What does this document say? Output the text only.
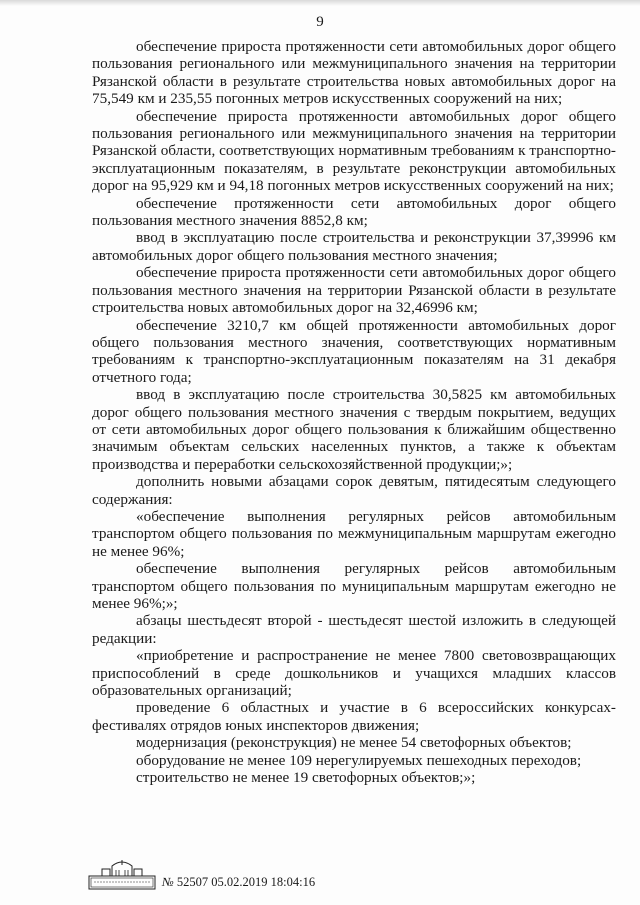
9

обеспечение прироста протяженности сети автомобильных дорог общего пользования регионального или межмуниципального значения на территории Рязанской области в результате строительства новых автомобильных дорог на 75,549 км и 235,55 погонных метров искусственных сооружений на них;

обеспечение прироста протяженности автомобильных дорог общего пользования регионального или межмуниципального значения на территории Рязанской области, соответствующих нормативным требованиям к транспортно-эксплуатационным показателям, в результате реконструкции автомобильных дорог на 95,929 км и 94,18 погонных метров искусственных сооружений на них;

обеспечение протяженности сети автомобильных дорог общего пользования местного значения 8852,8 км;

ввод в эксплуатацию после строительства и реконструкции 37,39996 км автомобильных дорог общего пользования местного значения;

обеспечение прироста протяженности сети автомобильных дорог общего пользования местного значения на территории Рязанской области в результате строительства новых автомобильных дорог на 32,46996 км;

обеспечение 3210,7 км общей протяженности автомобильных дорог общего пользования местного значения, соответствующих нормативным требованиям к транспортно-эксплуатационным показателям на 31 декабря отчетного года;

ввод в эксплуатацию после строительства 30,5825 км автомобильных дорог общего пользования местного значения с твердым покрытием, ведущих от сети автомобильных дорог общего пользования к ближайшим общественно значимым объектам сельских населенных пунктов, а также к объектам производства и переработки сельскохозяйственной продукции;»;

дополнить новыми абзацами сорок девятым, пятидесятым следующего содержания:

«обеспечение выполнения регулярных рейсов автомобильным транспортом общего пользования по межмуниципальным маршрутам ежегодно не менее 96%;

обеспечение выполнения регулярных рейсов автомобильным транспортом общего пользования по муниципальным маршрутам ежегодно не менее 96%;»;

абзацы шестьдесят второй - шестьдесят шестой изложить в следующей редакции:

«приобретение и распространение не менее 7800 световозвращающих приспособлений в среде дошкольников и учащихся младших классов образовательных организаций;

проведение 6 областных и участие в 6 всероссийских конкурсах-фестивалях отрядов юных инспекторов движения;

модернизация (реконструкция) не менее 54 светофорных объектов;

оборудование не менее 109 нерегулируемых пешеходных переходов;

строительство не менее 19 светофорных объектов;»;

№ 52507 05.02.2019 18:04:16
